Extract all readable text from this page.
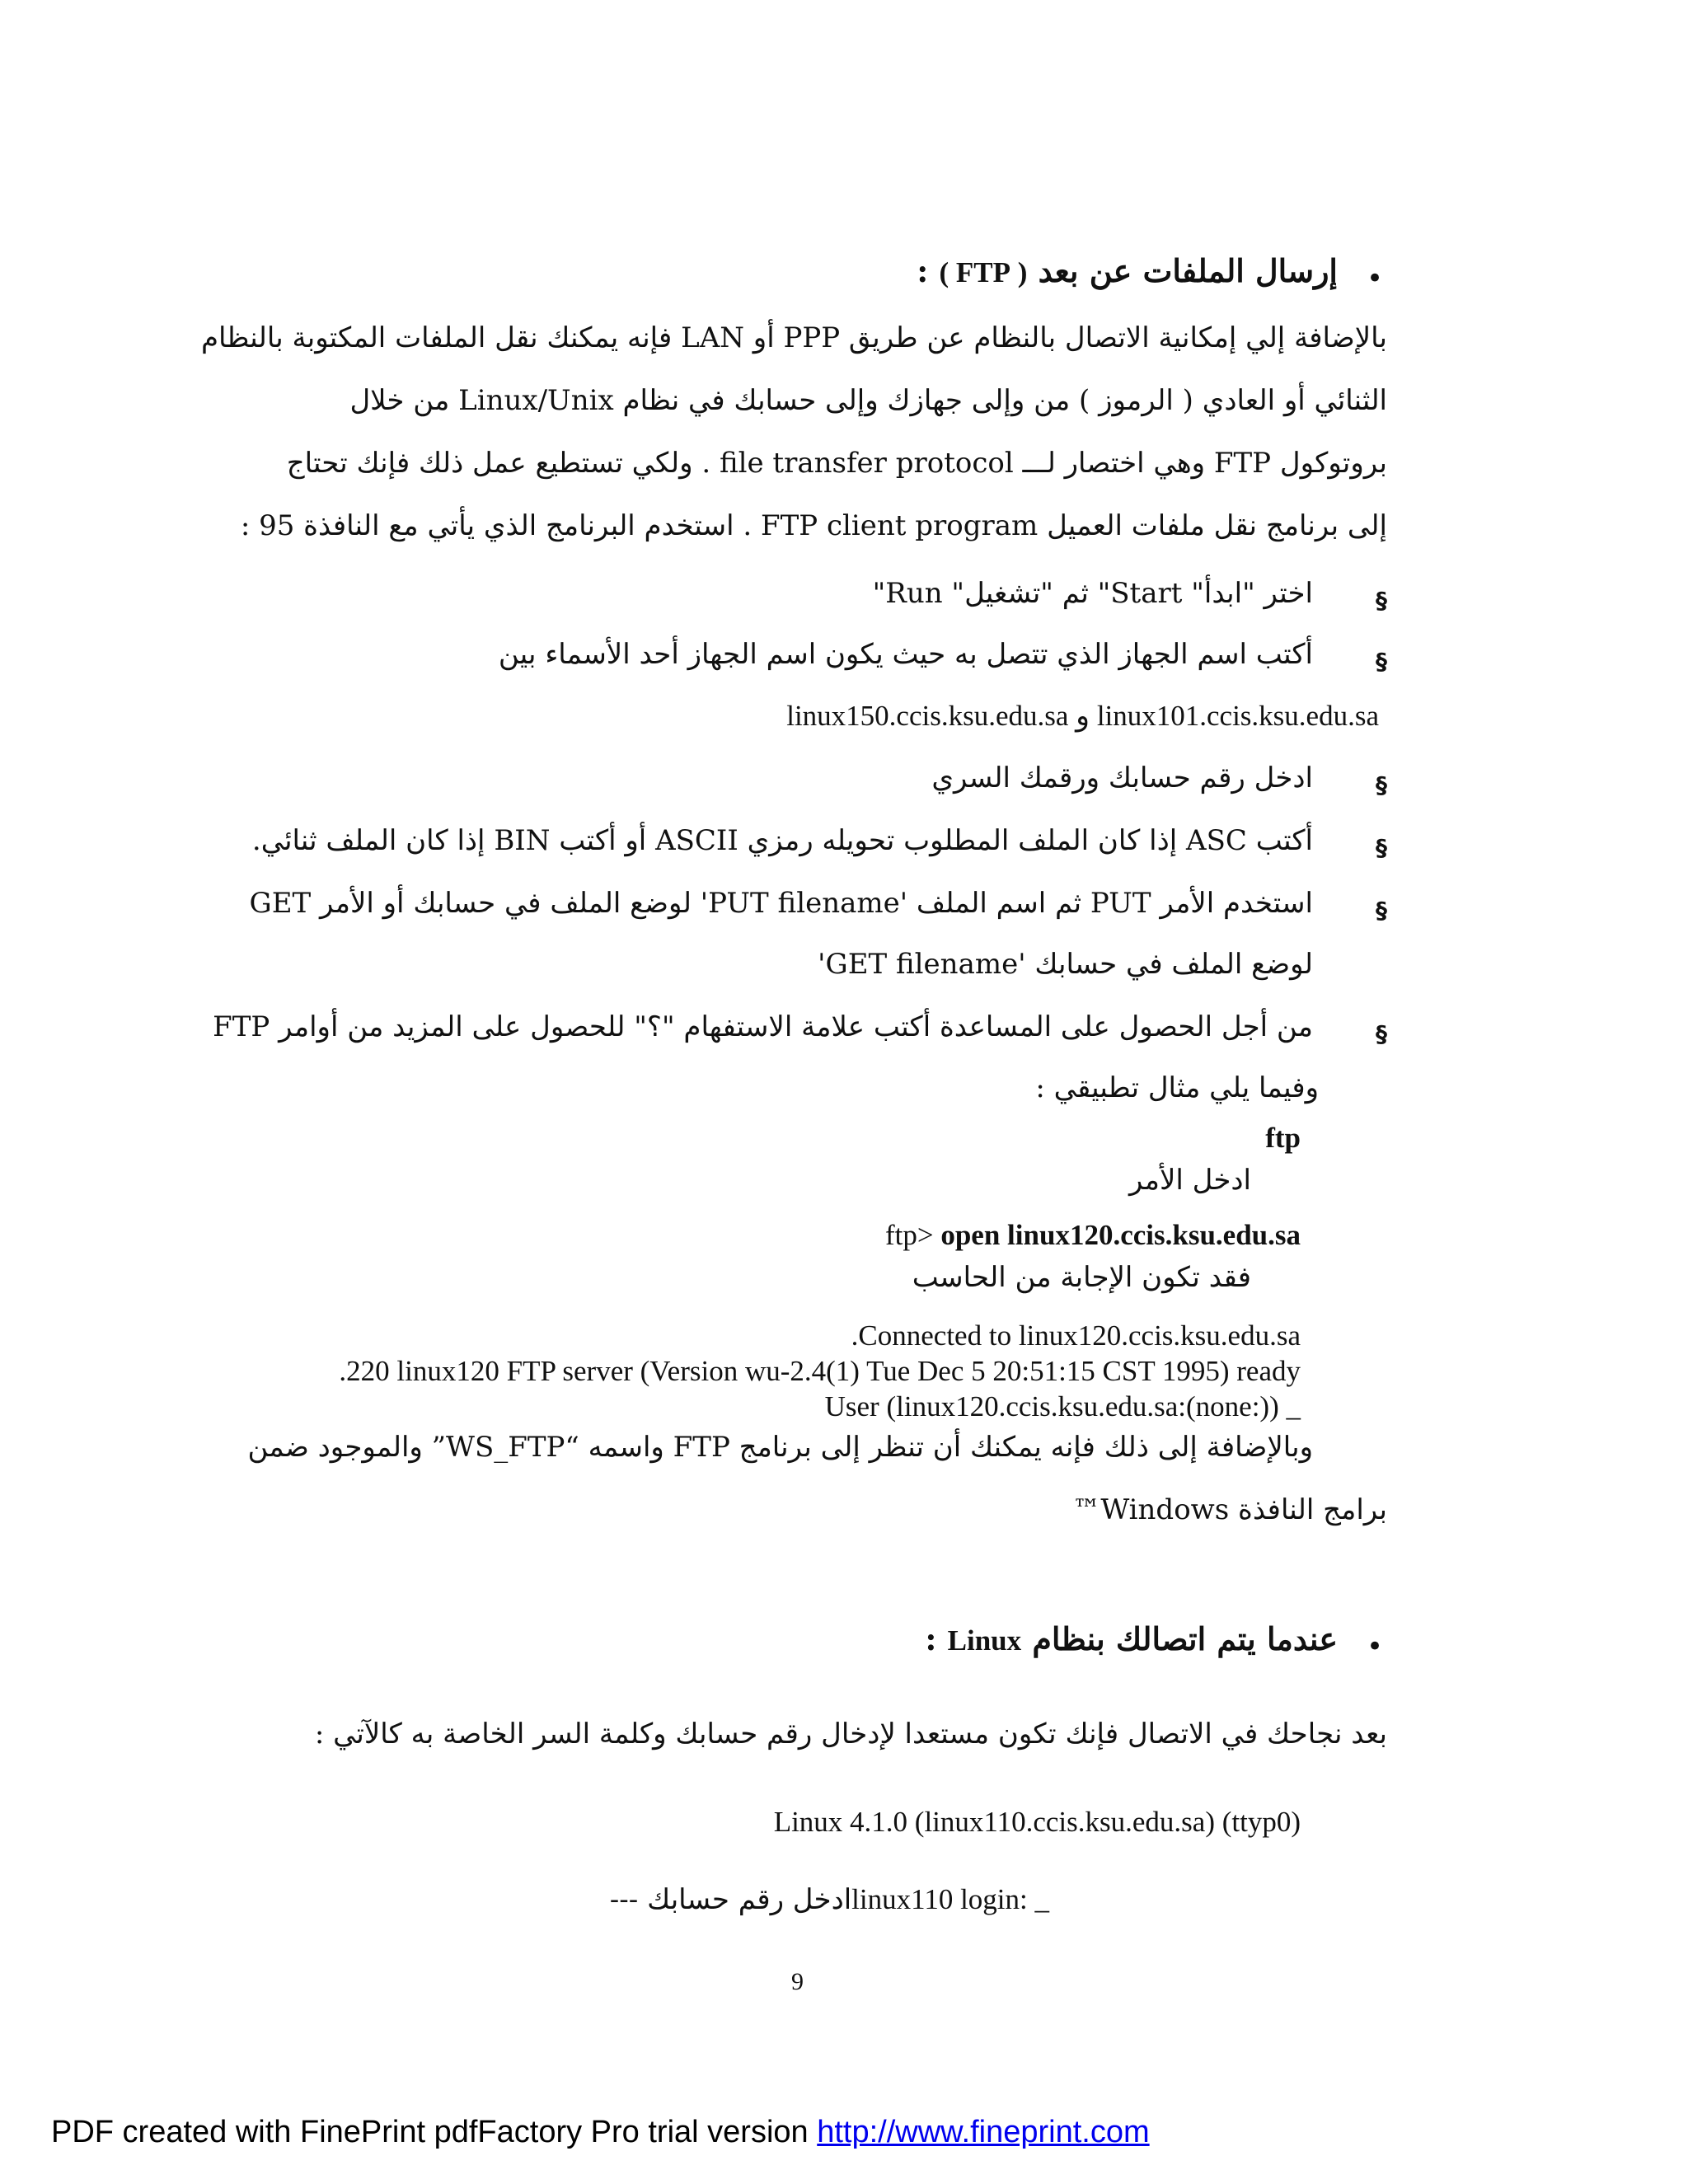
•
إرسال الملفات عن بعد ( FTP ) :
بالإضافة إلي إمكانية الاتصال بالنظام عن طريق PPP أو LAN فإنه يمكنك نقل الملفات المكتوبة بالنظام
الثنائي أو العادي ( الرموز ) من وإلى جهازك وإلى حسابك في نظام Linux/Unix من خلال
بروتوكول FTP وهي اختصار لـــ file transfer protocol . ولكي تستطيع عمل ذلك فإنك تحتاج
إلى برنامج نقل ملفات العميل FTP client program . استخدم البرنامج الذي يأتي مع النافذة 95 :
§
اختر "ابدأ" Start" ثم "تشغيل" Run"
§
أكتب اسم الجهاز الذي تتصل به حيث يكون اسم الجهاز أحد الأسماء بين
linux150.ccis.ksu.edu.sa و linux101.ccis.ksu.edu.sa
§
ادخل رقم حسابك ورقمك السري
§
أكتب ASC إذا كان الملف المطلوب تحويله رمزي ASCII أو أكتب BIN إذا كان الملف ثنائي.
§
استخدم الأمر PUT ثم اسم الملف 'PUT filename' لوضع الملف في حسابك أو الأمر GET
لوضع الملف في حسابك 'GET filename'
§
من أجل الحصول على المساعدة أكتب علامة الاستفهام "؟" للحصول على المزيد من أوامر FTP
وفيما يلي مثال تطبيقي :
ftp
ادخل الأمر
ftp> open linux120.ccis.ksu.edu.sa
فقد تكون الإجابة من الحاسب
.Connected to linux120.ccis.ksu.edu.sa
.220 linux120 FTP server (Version wu-2.4(1) Tue Dec 5 20:51:15 CST 1995) ready
User (linux120.ccis.ksu.edu.sa:(none:)) _
وبالإضافة إلى ذلك فإنه يمكنك أن تنظر إلى برنامج FTP واسمه “WS_FTP” والموجود ضمن
برامج النافذة Windows™
•
عندما يتم اتصالك بنظام Linux :
بعد نجاحك في الاتصال فإنك تكون مستعدا لإدخال رقم حسابك وكلمة السر الخاصة به كالآتي :
Linux 4.1.0 (linux110.ccis.ksu.edu.sa) (ttyp0)
ادخل رقم حسابك ---linux110 login: _
9
PDF created with FinePrint pdfFactory Pro trial version http://www.fineprint.com
